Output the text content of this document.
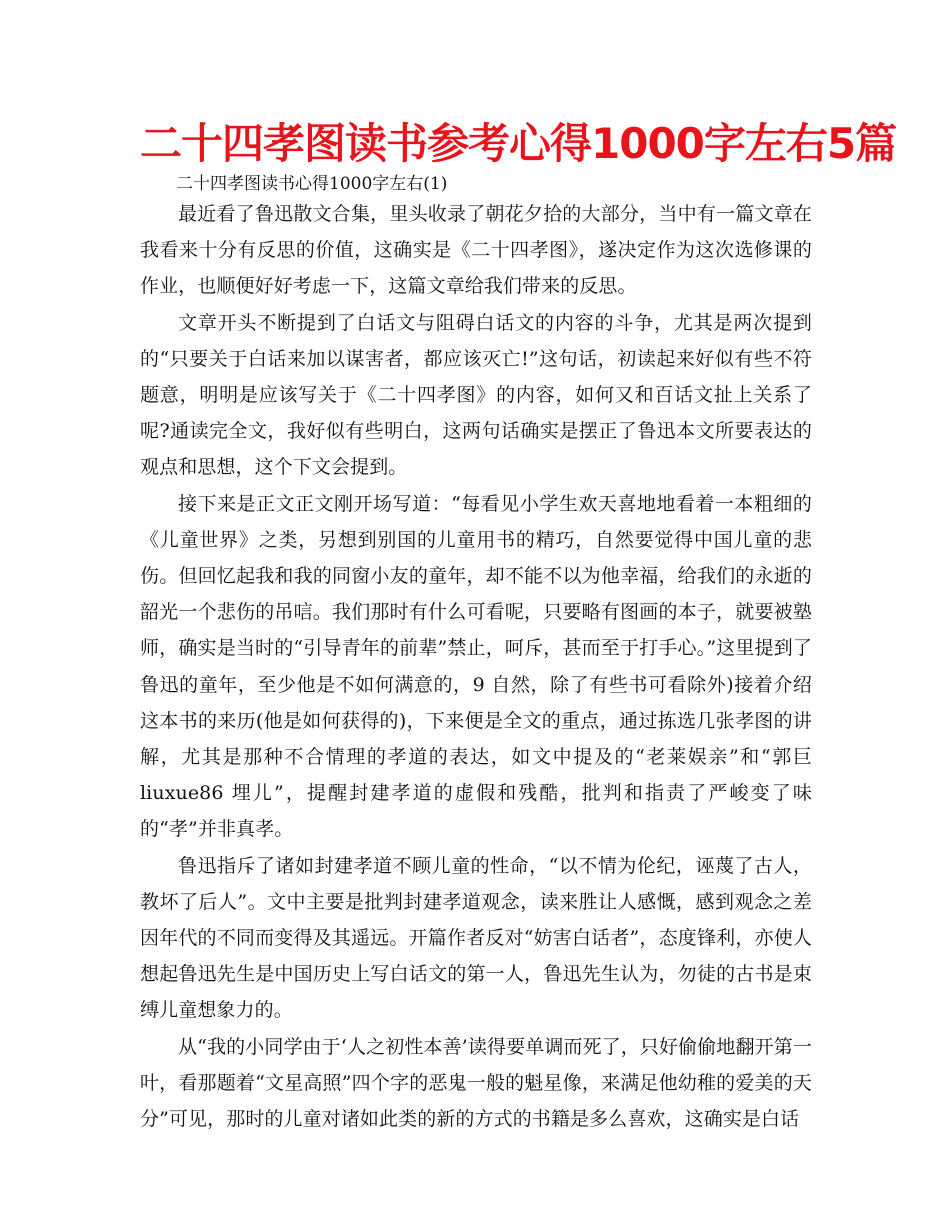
二十四孝图读书参考心得1000字左右5篇

二十四孝图读书心得1000字左右(1)

最近看了鲁迅散文合集，里头收录了朝花夕拾的大部分，当中有一篇文章在我看来十分有反思的价值，这确实是《二十四孝图》，遂决定作为这次选修课的作业，也顺便好好考虑一下，这篇文章给我们带来的反思。

文章开头不断提到了白话文与阻碍白话文的内容的斗争，尤其是两次提到的“只要关于白话来加以谋害者，都应该灭亡!”这句话，初读起来好似有些不符题意，明明是应该写关于《二十四孝图》的内容，如何又和百话文扯上关系了呢?通读完全文，我好似有些明白，这两句话确实是摆正了鲁迅本文所要表达的观点和思想，这个下文会提到。

接下来是正文正文刚开场写道：“每看见小学生欢天喜地地看着一本粗细的《儿童世界》之类，另想到别国的儿童用书的精巧，自然要觉得中国儿童的悲伤。但回忆起我和我的同窗小友的童年，却不能不以为他幸福，给我们的永逝的韶光一个悲伤的吊唁。我们那时有什么可看呢，只要略有图画的本子，就要被塾师，确实是当时的“引导青年的前辈”禁止，呵斥，甚而至于打手心。”这里提到了鲁迅的童年，至少他是不如何满意的，9 自然，除了有些书可看除外)接着介绍这本书的来历(他是如何获得的)，下来便是全文的重点，通过拣选几张孝图的讲解，尤其是那种不合情理的孝道的表达，如文中提及的“老莱娱亲”和“郭巨 liuxue86 埋儿”，提醒封建孝道的虚假和残酷，批判和指责了严峻变了味的“孝”并非真孝。

鲁迅指斥了诸如封建孝道不顾儿童的性命，“以不情为伦纪，诬蔑了古人，教坏了后人”。文中主要是批判封建孝道观念，读来胜让人感慨，感到观念之差因年代的不同而变得及其遥远。开篇作者反对“妨害白话者”，态度锋利，亦使人想起鲁迅先生是中国历史上写白话文的第一人，鲁迅先生认为，勿徒的古书是束缚儿童想象力的。

从“我的小同学由于‘人之初性本善’读得要单调而死了，只好偷偷地翻开第一叶，看那题着“文星高照”四个字的恶鬼一般的魁星像，来满足他幼稚的爱美的天分”可见，那时的儿童对诸如此类的新的方式的书籍是多么喜欢，这确实是白话
